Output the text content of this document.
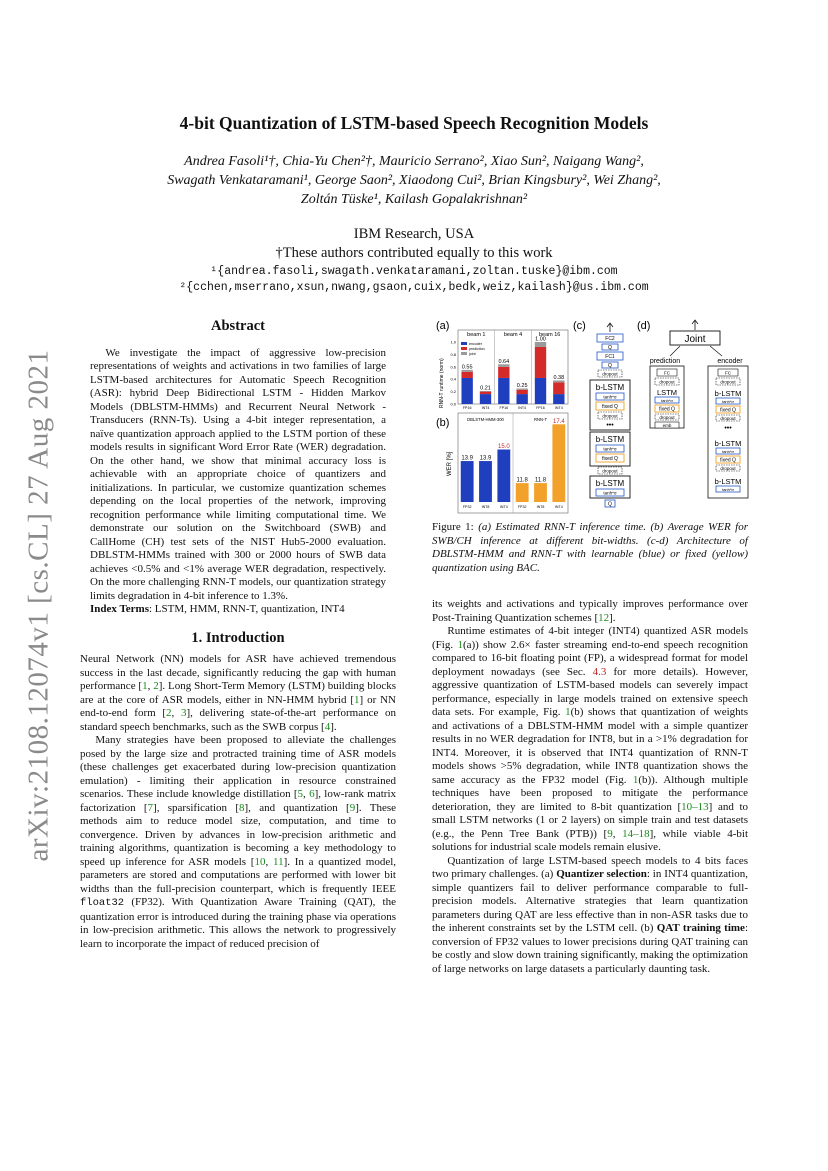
arXiv:2108.12074v1 [cs.CL] 27 Aug 2021
4-bit Quantization of LSTM-based Speech Recognition Models
Andrea Fasoli¹†, Chia-Yu Chen²†, Mauricio Serrano², Xiao Sun², Naigang Wang²,
Swagath Venkataramani¹, George Saon², Xiaodong Cui², Brian Kingsbury², Wei Zhang²,
Zoltán Tüske¹, Kailash Gopalakrishnan²
IBM Research, USA
†These authors contributed equally to this work
¹{andrea.fasoli,swagath.venkataramani,zoltan.tuske}@ibm.com
²{cchen,mserrano,xsun,nwang,gsaon,cuix,bedk,weiz,kailash}@us.ibm.com
Abstract

We investigate the impact of aggressive low-precision representations of weights and activations in two families of large LSTM-based architectures for Automatic Speech Recognition (ASR): hybrid Deep Bidirectional LSTM - Hidden Markov Models (DBLSTM-HMMs) and Recurrent Neural Network - Transducers (RNN-Ts). Using a 4-bit integer representation, a naïve quantization approach applied to the LSTM portion of these models results in significant Word Error Rate (WER) degradation. On the other hand, we show that minimal accuracy loss is achievable with an appropriate choice of quantizers and initializations. In particular, we customize quantization schemes depending on the local properties of the network, improving recognition performance while limiting computational time. We demonstrate our solution on the Switchboard (SWB) and CallHome (CH) test sets of the NIST Hub5-2000 evaluation. DBLSTM-HMMs trained with 300 or 2000 hours of SWB data achieves <0.5% and <1% average WER degradation, respectively. On the more challenging RNN-T models, our quantization strategy limits degradation in 4-bit inference to 1.3%.

Index Terms: LSTM, HMM, RNN-T, quantization, INT4

1. Introduction

Neural Network (NN) models for ASR have achieved tremendous success in the last decade, significantly reducing the gap with human performance [1, 2]. Long Short-Term Memory (LSTM) building blocks are at the core of ASR models, either in NN-HMM hybrid [1] or NN end-to-end form [2, 3], delivering state-of-the-art performance on standard speech benchmarks, such as the SWB corpus [4].

Many strategies have been proposed to alleviate the challenges posed by the large size and protracted training time of ASR models (these challenges get exacerbated during low-precision quantization emulation) - limiting their application in resource constrained scenarios. These include knowledge distillation [5, 6], low-rank matrix factorization [7], sparsification [8], and quantization [9]. These methods aim to reduce model size, computation, and time to convergence. Driven by advances in low-precision arithmetic and training algorithms, quantization is becoming a key methodology to speed up inference for ASR models [10, 11]. In a quantized model, parameters are stored and computations are performed with lower bit widths than the full-precision counterpart, which is frequently IEEE float32 (FP32). With Quantization Aware Training (QAT), the quantization error is introduced during the training phase via operations in low-precision arithmetic. This allows the network to progressively learn to incorporate the impact of reduced precision of

(a)
(b)
(c)	(d)
RNN-T runtime (norm) 0.0
0.2
0.4
0.6
0.8
1.0
beam 1	beam 4	beam 16
0.55
FP16
0.21
INT4
0.64
FP16
0.25
INT4
1.00
FP16
0.38
INT4
encoder
prediction
joint
WER [%]
DBLSTM-HMM-300	RNN-T
13.9
FP32
13.9
INT8
15.0
INT4
11.8
FP32
11.8
INT8
17.4
INT4
FC2
Q
FC1
Q
dropout
b-LSTM
tanh*σ
fixed Q
dropout
•••
b-LSTM
tanh*σ
fixed Q
dropout
b-LSTM
tanh*σ
Q
Joint
prediction	encoder
FC
dropout
LSTM
tanh*σ
fixed Q
dropout
emb
FC
dropout
b-LSTM
tanh*σ
fixed Q
dropout
•••
b-LSTM
tanh*σ
fixed Q
dropout
b-LSTM
tanh*σ
Figure 1: (a) Estimated RNN-T inference time. (b) Average WER for SWB/CH inference at different bit-widths. (c-d) Architecture of DBLSTM-HMM and RNN-T with learnable (blue) or fixed (yellow) quantization using BAC.

its weights and activations and typically improves performance over Post-Training Quantization schemes [12].

Runtime estimates of 4-bit integer (INT4) quantized ASR models (Fig. 1(a)) show 2.6× faster streaming end-to-end speech recognition compared to 16-bit floating point (FP), a widespread format for model deployment nowadays (see Sec. 4.3 for more details). However, aggressive quantization of LSTM-based models can severely impact performance, especially in large models trained on extensive speech data sets. For example, Fig. 1(b) shows that quantization of weights and activations of a DBLSTM-HMM model with a simple quantizer results in no WER degradation for INT8, but in a >1% degradation for INT4. Moreover, it is observed that INT4 quantization of RNN-T models shows >5% degradation, while INT8 quantization shows the same accuracy as the FP32 model (Fig. 1(b)). Although multiple techniques have been proposed to mitigate the performance deterioration, they are limited to 8-bit quantization [10–13] and to small LSTM networks (1 or 2 layers) on simple train and test datasets (e.g., the Penn Tree Bank (PTB)) [9, 14–18], while viable 4-bit solutions for industrial scale models remain elusive.

Quantization of large LSTM-based speech models to 4 bits faces two primary challenges. (a) Quantizer selection: in INT4 quantization, simple quantizers fail to deliver performance comparable to full-precision models. Alternative strategies that learn quantization parameters during QAT are less effective than in non-ASR tasks due to the inherent constraints set by the LSTM cell. (b) QAT training time: conversion of FP32 values to lower precisions during QAT training can be costly and slow down training significantly, making the optimization of large networks on large datasets a particularly daunting task.
